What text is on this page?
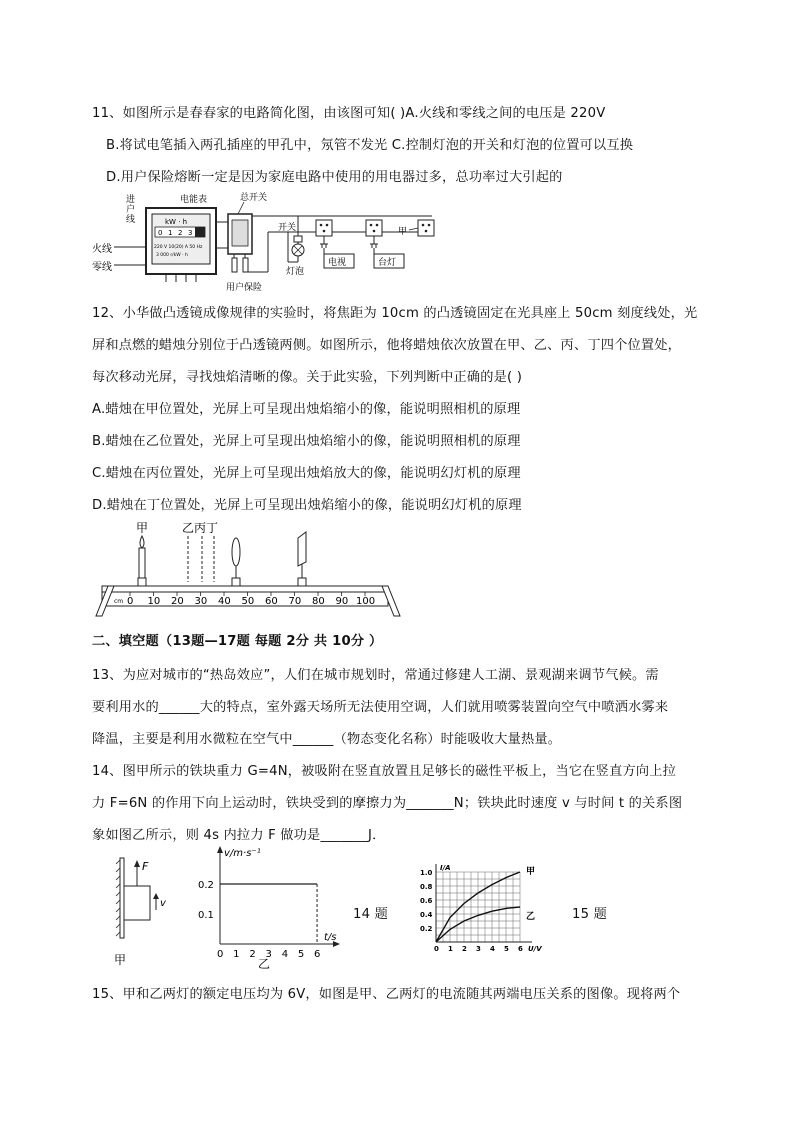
11、如图所示是春春家的电路简化图，由该图可知( )A.火线和零线之间的电压是 220V
B.将试电笔插入两孔插座的甲孔中，氖管不发光 C.控制灯泡的开关和灯泡的位置可以互换
D.用户保险熔断一定是因为家庭电路中使用的用电器过多，总功率过大引起的
进
户
线
火线
零线
电能表
kW · h
0 1 2 3
220 V 10(20) A 50 Hz
3 000 r/kW · h
总开关
用户保险
开关
灯泡
电视	台灯
甲
12、小华做凸透镜成像规律的实验时，将焦距为 10cm 的凸透镜固定在光具座上 50cm 刻度线处，光
屏和点燃的蜡烛分别位于凸透镜两侧。如图所示，他将蜡烛依次放置在甲、乙、丙、丁四个位置处，
每次移动光屏，寻找烛焰清晰的像。关于此实验，下列判断中正确的是( )
A.蜡烛在甲位置处，光屏上可呈现出烛焰缩小的像，能说明照相机的原理
B.蜡烛在乙位置处，光屏上可呈现出烛焰缩小的像，能说明照相机的原理
C.蜡烛在丙位置处，光屏上可呈现出烛焰放大的像，能说明幻灯机的原理
D.蜡烛在丁位置处，光屏上可呈现出烛焰缩小的像，能说明幻灯机的原理
甲	乙丙丁
cm 0 10 20 30 40 50 60 70 80 90 100
二、填空题（13题—17题 每题 2分 共 10分 ）
13、为应对城市的“热岛效应”，人们在城市规划时，常通过修建人工湖、景观湖来调节气候。需
要利用水的______大的特点，室外露天场所无法使用空调，人们就用喷雾装置向空气中喷洒水雾来
降温，主要是利用水微粒在空气中______（物态变化名称）时能吸收大量热量。
14、图甲所示的铁块重力 G=4N，被吸附在竖直放置且足够长的磁性平板上，当它在竖直方向上拉
力 F=6N 的作用下向上运动时，铁块受到的摩擦力为_______N；铁块此时速度 v 与时间 t 的关系图
象如图乙所示，则 4s 内拉力 F 做功是_______J．
F
v
甲
v/m·s⁻¹
t/s
0 1 2 3 4 5 6
0.1
0.2
乙
14 题
I/A
U/V
0 1 2 3 4 5 6
0.2
0.4
0.6
0.8
1.0	甲
乙	15 题
15、甲和乙两灯的额定电压均为 6V，如图是甲、乙两灯的电流随其两端电压关系的图像。现将两个
